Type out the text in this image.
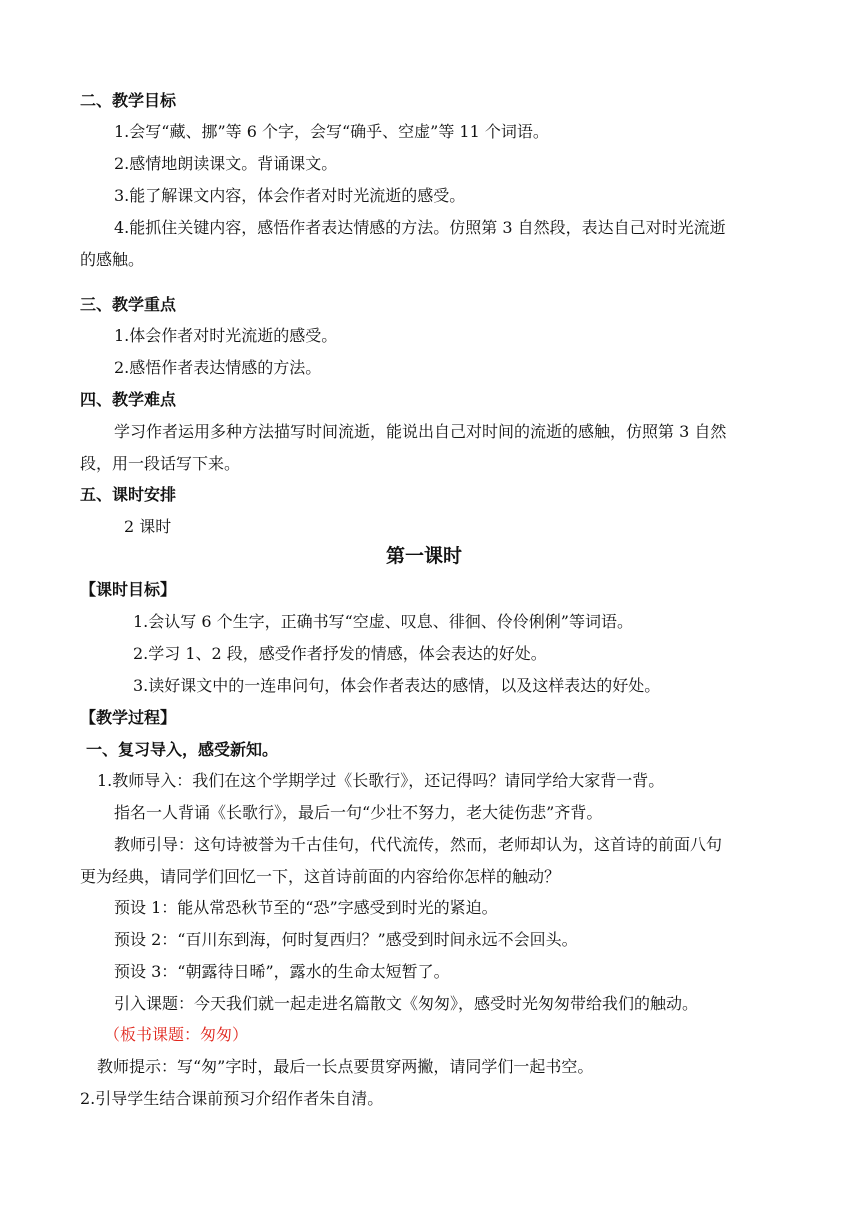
二、教学目标
1.会写“藏、挪”等 6 个字，会写“确乎、空虚”等 11 个词语。
2.感情地朗读课文。背诵课文。
3.能了解课文内容，体会作者对时光流逝的感受。
4.能抓住关键内容，感悟作者表达情感的方法。仿照第 3 自然段，表达自己对时光流逝
的感触。
三、教学重点
1.体会作者对时光流逝的感受。
2.感悟作者表达情感的方法。
四、教学难点
学习作者运用多种方法描写时间流逝，能说出自己对时间的流逝的感触，仿照第 3 自然
段，用一段话写下来。
五、课时安排
2 课时
第一课时
【课时目标】
1.会认写 6 个生字，正确书写“空虚、叹息、徘徊、伶伶俐俐”等词语。
2.学习 1、2 段，感受作者抒发的情感，体会表达的好处。
3.读好课文中的一连串问句，体会作者表达的感情，以及这样表达的好处。
【教学过程】
一、复习导入，感受新知。
1.教师导入：我们在这个学期学过《长歌行》，还记得吗？请同学给大家背一背。
指名一人背诵《长歌行》，最后一句“少壮不努力，老大徒伤悲”齐背。
教师引导：这句诗被誉为千古佳句，代代流传，然而，老师却认为，这首诗的前面八句
更为经典，请同学们回忆一下，这首诗前面的内容给你怎样的触动？
预设 1：能从常恐秋节至的“恐”字感受到时光的紧迫。
预设 2：“百川东到海，何时复西归？”感受到时间永远不会回头。
预设 3：“朝露待日晞”，露水的生命太短暂了。
引入课题：今天我们就一起走进名篇散文《匆匆》，感受时光匆匆带给我们的触动。
（板书课题：匆匆）
教师提示：写“匆”字时，最后一长点要贯穿两撇，请同学们一起书空。
2.引导学生结合课前预习介绍作者朱自清。
